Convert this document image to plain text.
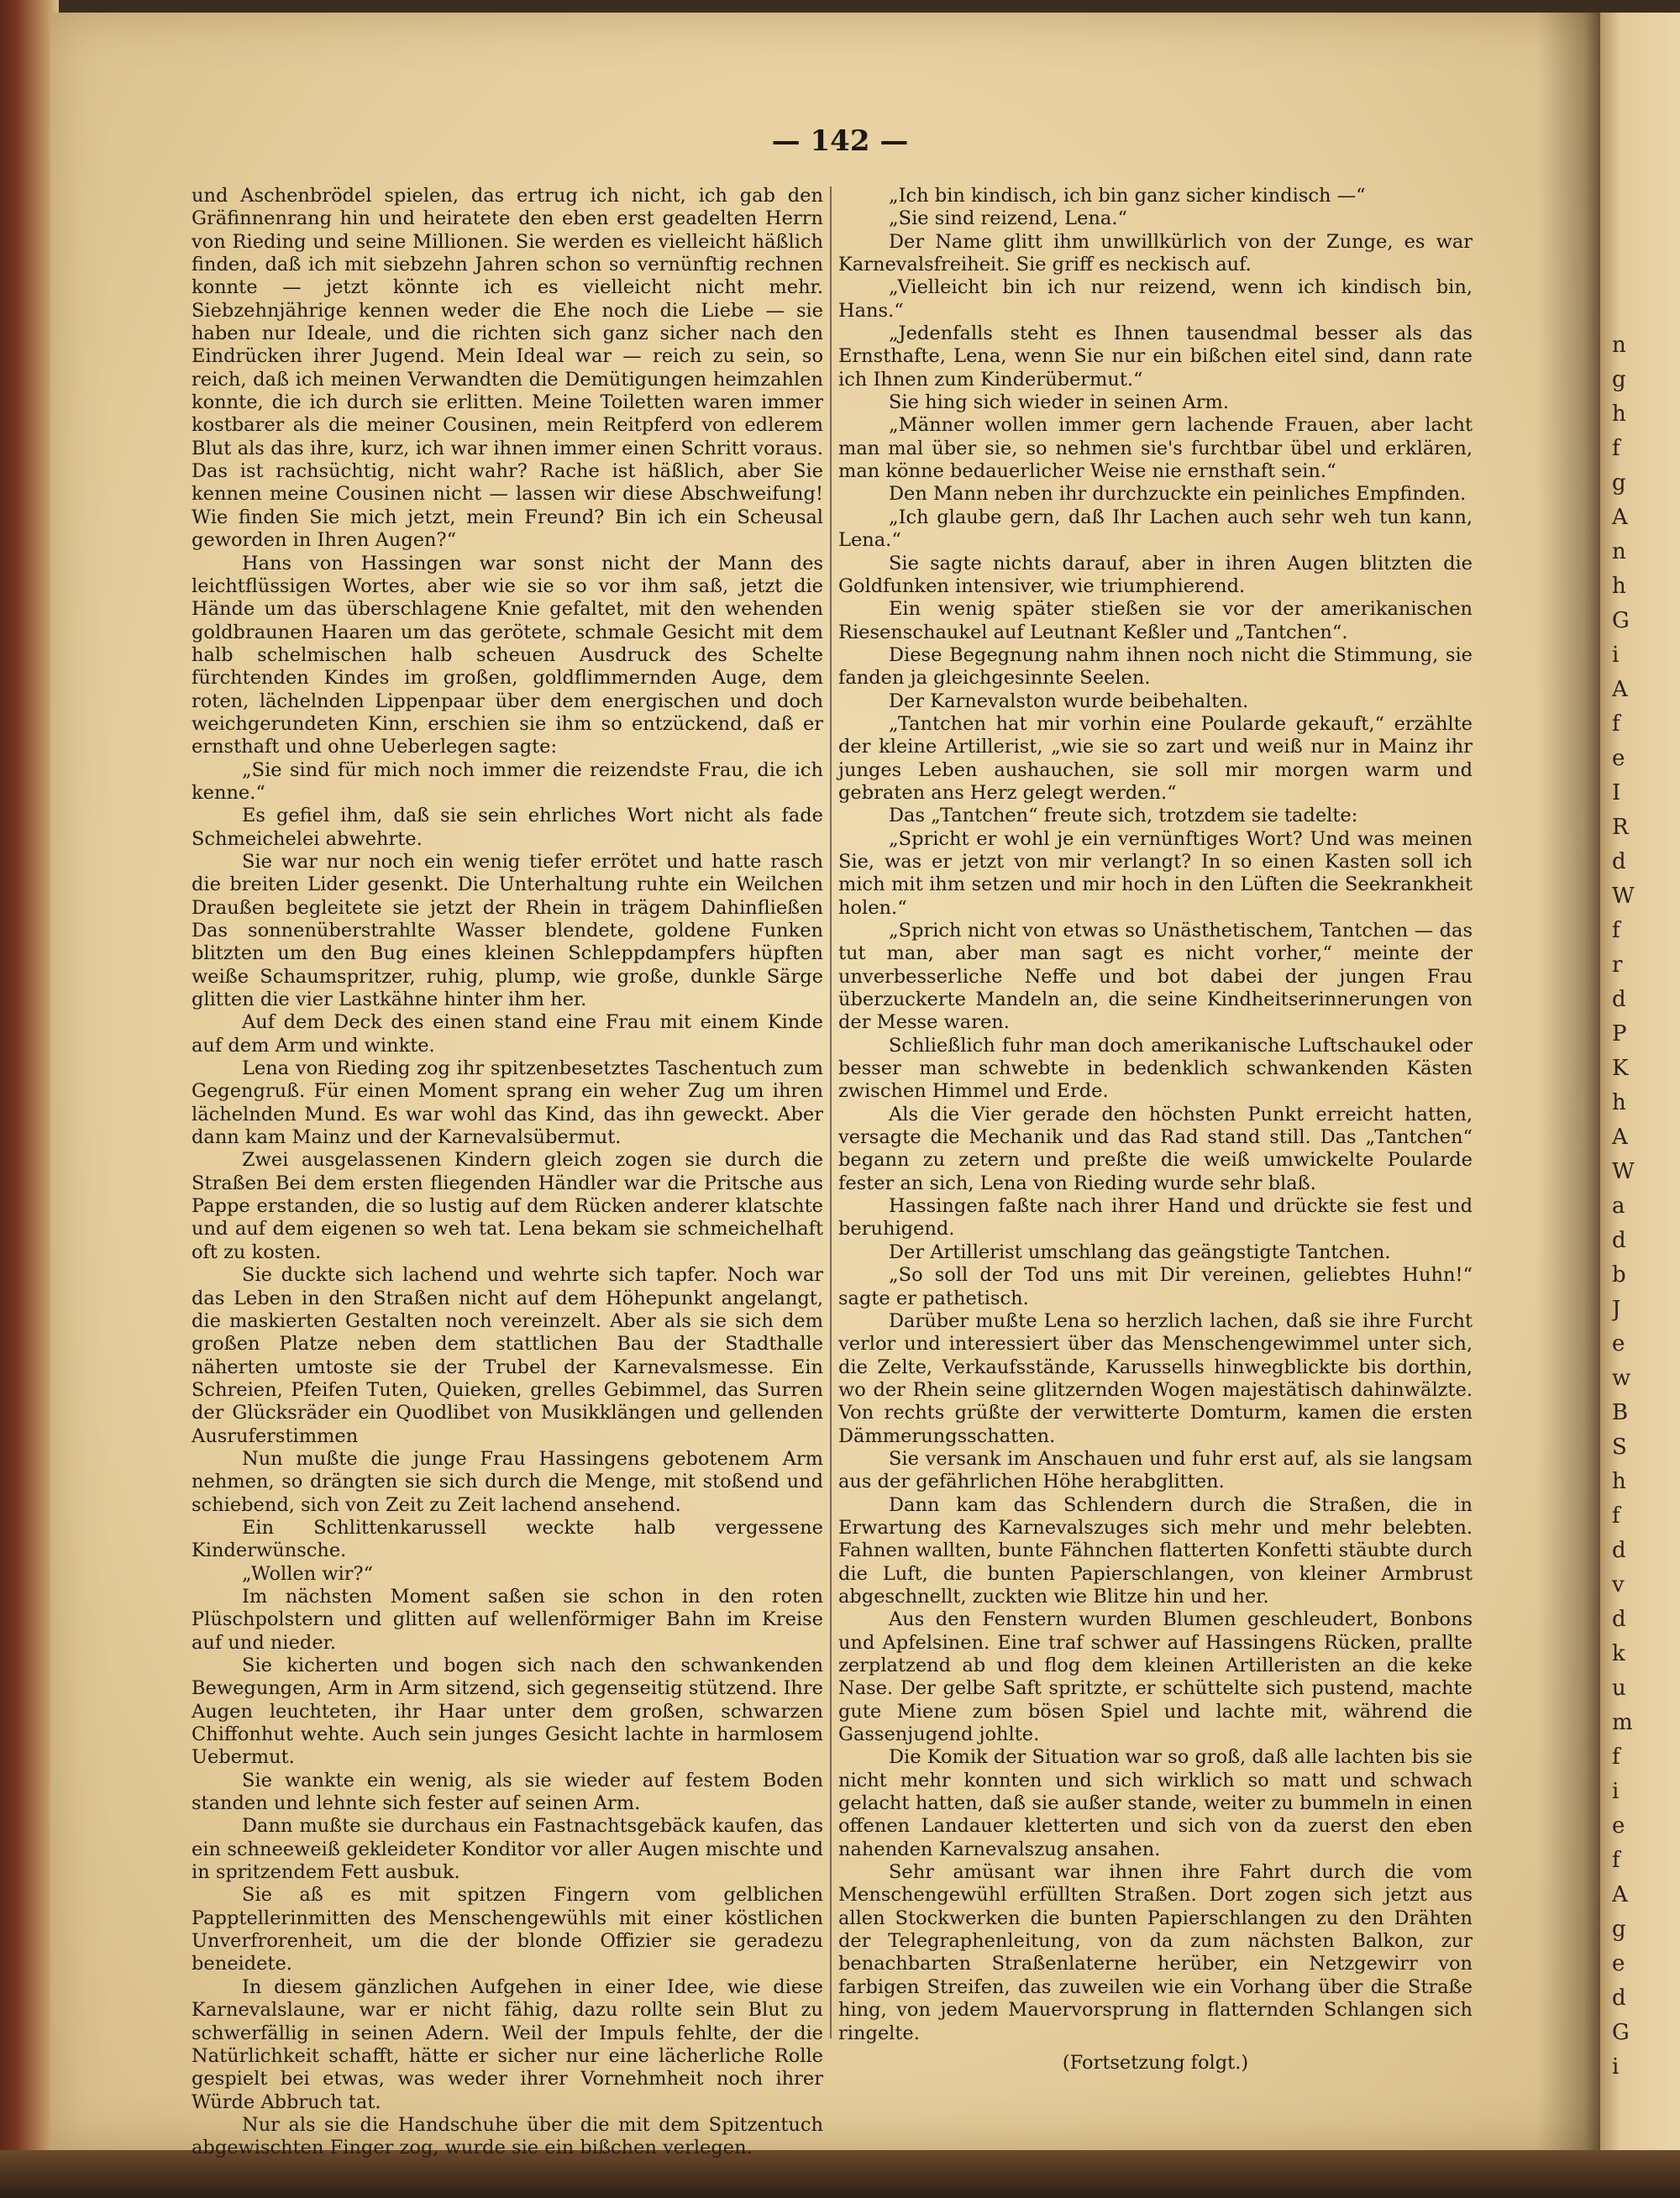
n
g
h
f
g
A
n
h
G
i
A
f
e
I
R
d
W
f
r
d
P
K
h
A
W
a
d
b
J
e
w
B
S
h
f
d
v
d
k
u
m
f
i
e
f
A
g
e
d
G
i
— 142 —

und Aschenbrödel spielen, das ertrug ich nicht, ich gab den Gräfinnenrang hin und heiratete den eben erst geadelten Herrn von Rieding und seine Millionen. Sie werden es vielleicht häßlich finden, daß ich mit siebzehn Jahren schon so vernünftig rechnen konnte — jetzt könnte ich es vielleicht nicht mehr. Siebzehnjährige kennen weder die Ehe noch die Liebe — sie haben nur Ideale, und die richten sich ganz sicher nach den Eindrücken ihrer Jugend. Mein Ideal war — reich zu sein, so reich, daß ich meinen Verwandten die Demütigungen heimzahlen konnte, die ich durch sie erlitten. Meine Toiletten waren immer kostbarer als die meiner Cousinen, mein Reitpferd von edlerem Blut als das ihre, kurz, ich war ihnen immer einen Schritt voraus. Das ist rachsüchtig, nicht wahr? Rache ist häßlich, aber Sie kennen meine Cousinen nicht — lassen wir diese Abschweifung! Wie finden Sie mich jetzt, mein Freund? Bin ich ein Scheusal geworden in Ihren Augen?“

Hans von Hassingen war sonst nicht der Mann des leichtflüssigen Wortes, aber wie sie so vor ihm saß, jetzt die Hände um das überschlagene Knie gefaltet, mit den wehenden goldbraunen Haaren um das gerötete, schmale Gesicht mit dem halb schelmischen halb scheuen Ausdruck des Schelte fürchtenden Kindes im großen, goldflimmernden Auge, dem roten, lächelnden Lippenpaar über dem energischen und doch weichgerundeten Kinn, erschien sie ihm so entzückend, daß er ernsthaft und ohne Ueberlegen sagte:

„Sie sind für mich noch immer die reizendste Frau, die ich kenne.“

Es gefiel ihm, daß sie sein ehrliches Wort nicht als fade Schmeichelei abwehrte.

Sie war nur noch ein wenig tiefer errötet und hatte rasch die breiten Lider gesenkt. Die Unterhaltung ruhte ein Weilchen Draußen begleitete sie jetzt der Rhein in trägem Dahinfließen Das sonnenüberstrahlte Wasser blendete, goldene Funken blitzten um den Bug eines kleinen Schleppdampfers hüpften weiße Schaumspritzer, ruhig, plump, wie große, dunkle Särge glitten die vier Lastkähne hinter ihm her.

Auf dem Deck des einen stand eine Frau mit einem Kinde auf dem Arm und winkte.

Lena von Rieding zog ihr spitzenbesetztes Taschentuch zum Gegengruß. Für einen Moment sprang ein weher Zug um ihren lächelnden Mund. Es war wohl das Kind, das ihn geweckt. Aber dann kam Mainz und der Karnevalsübermut.

Zwei ausgelassenen Kindern gleich zogen sie durch die Straßen Bei dem ersten fliegenden Händler war die Pritsche aus Pappe erstanden, die so lustig auf dem Rücken anderer klatschte und auf dem eigenen so weh tat. Lena bekam sie schmeichelhaft oft zu kosten.

Sie duckte sich lachend und wehrte sich tapfer. Noch war das Leben in den Straßen nicht auf dem Höhepunkt angelangt, die maskierten Gestalten noch vereinzelt. Aber als sie sich dem großen Platze neben dem stattlichen Bau der Stadthalle näherten umtoste sie der Trubel der Karnevalsmesse. Ein Schreien, Pfeifen Tuten, Quieken, grelles Gebimmel, das Surren der Glücksräder ein Quodlibet von Musikklängen und gellenden Ausruferstimmen

Nun mußte die junge Frau Hassingens gebotenem Arm nehmen, so drängten sie sich durch die Menge, mit stoßend und schiebend, sich von Zeit zu Zeit lachend ansehend.

Ein Schlittenkarussell weckte halb vergessene Kinderwünsche.

„Wollen wir?“

Im nächsten Moment saßen sie schon in den roten Plüschpolstern und glitten auf wellenförmiger Bahn im Kreise auf und nieder.

Sie kicherten und bogen sich nach den schwankenden Bewegungen, Arm in Arm sitzend, sich gegenseitig stützend. Ihre Augen leuchteten, ihr Haar unter dem großen, schwarzen Chiffonhut wehte. Auch sein junges Gesicht lachte in harmlosem Uebermut.

Sie wankte ein wenig, als sie wieder auf festem Boden standen und lehnte sich fester auf seinen Arm.

Dann mußte sie durchaus ein Fastnachtsgebäck kaufen, das ein schneeweiß gekleideter Konditor vor aller Augen mischte und in spritzendem Fett ausbuk.

Sie aß es mit spitzen Fingern vom gelblichen Papptellerinmitten des Menschengewühls mit einer köstlichen Unverfrorenheit, um die der blonde Offizier sie geradezu beneidete.

In diesem gänzlichen Aufgehen in einer Idee, wie diese Karnevalslaune, war er nicht fähig, dazu rollte sein Blut zu schwerfällig in seinen Adern. Weil der Impuls fehlte, der die Natürlichkeit schafft, hätte er sicher nur eine lächerliche Rolle gespielt bei etwas, was weder ihrer Vornehmheit noch ihrer Würde Abbruch tat.

Nur als sie die Handschuhe über die mit dem Spitzentuch abgewischten Finger zog, wurde sie ein bißchen verlegen.

„Ich bin kindisch, ich bin ganz sicher kindisch —“

„Sie sind reizend, Lena.“

Der Name glitt ihm unwillkürlich von der Zunge, es war Karnevalsfreiheit. Sie griff es neckisch auf.

„Vielleicht bin ich nur reizend, wenn ich kindisch bin, Hans.“

„Jedenfalls steht es Ihnen tausendmal besser als das Ernsthafte, Lena, wenn Sie nur ein bißchen eitel sind, dann rate ich Ihnen zum Kinderübermut.“

Sie hing sich wieder in seinen Arm.

„Männer wollen immer gern lachende Frauen, aber lacht man mal über sie, so nehmen sie's furchtbar übel und erklären, man könne bedauerlicher Weise nie ernsthaft sein.“

Den Mann neben ihr durchzuckte ein peinliches Empfinden.

„Ich glaube gern, daß Ihr Lachen auch sehr weh tun kann, Lena.“

Sie sagte nichts darauf, aber in ihren Augen blitzten die Goldfunken intensiver, wie triumphierend.

Ein wenig später stießen sie vor der amerikanischen Riesenschaukel auf Leutnant Keßler und „Tantchen“.

Diese Begegnung nahm ihnen noch nicht die Stimmung, sie fanden ja gleichgesinnte Seelen.

Der Karnevalston wurde beibehalten.

„Tantchen hat mir vorhin eine Poularde gekauft,“ erzählte der kleine Artillerist, „wie sie so zart und weiß nur in Mainz ihr junges Leben aushauchen, sie soll mir morgen warm und gebraten ans Herz gelegt werden.“

Das „Tantchen“ freute sich, trotzdem sie tadelte:

„Spricht er wohl je ein vernünftiges Wort? Und was meinen Sie, was er jetzt von mir verlangt? In so einen Kasten soll ich mich mit ihm setzen und mir hoch in den Lüften die Seekrankheit holen.“

„Sprich nicht von etwas so Unästhetischem, Tantchen — das tut man, aber man sagt es nicht vorher,“ meinte der unverbesserliche Neffe und bot dabei der jungen Frau überzuckerte Mandeln an, die seine Kindheitserinnerungen von der Messe waren.

Schließlich fuhr man doch amerikanische Luftschaukel oder besser man schwebte in bedenklich schwankenden Kästen zwischen Himmel und Erde.

Als die Vier gerade den höchsten Punkt erreicht hatten, versagte die Mechanik und das Rad stand still. Das „Tantchen“ begann zu zetern und preßte die weiß umwickelte Poularde fester an sich, Lena von Rieding wurde sehr blaß.

Hassingen faßte nach ihrer Hand und drückte sie fest und beruhigend.

Der Artillerist umschlang das geängstigte Tantchen.

„So soll der Tod uns mit Dir vereinen, geliebtes Huhn!“ sagte er pathetisch.

Darüber mußte Lena so herzlich lachen, daß sie ihre Furcht verlor und interessiert über das Menschengewimmel unter sich, die Zelte, Verkaufsstände, Karussells hinwegblickte bis dorthin, wo der Rhein seine glitzernden Wogen majestätisch dahinwälzte. Von rechts grüßte der verwitterte Domturm, kamen die ersten Dämmerungsschatten.

Sie versank im Anschauen und fuhr erst auf, als sie langsam aus der gefährlichen Höhe herabglitten.

Dann kam das Schlendern durch die Straßen, die in Erwartung des Karnevalszuges sich mehr und mehr belebten. Fahnen wallten, bunte Fähnchen flatterten Konfetti stäubte durch die Luft, die bunten Papierschlangen, von kleiner Armbrust abgeschnellt, zuckten wie Blitze hin und her.

Aus den Fenstern wurden Blumen geschleudert, Bonbons und Apfelsinen. Eine traf schwer auf Hassingens Rücken, prallte zerplatzend ab und flog dem kleinen Artilleristen an die keke Nase. Der gelbe Saft spritzte, er schüttelte sich pustend, machte gute Miene zum bösen Spiel und lachte mit, während die Gassenjugend johlte.

Die Komik der Situation war so groß, daß alle lachten bis sie nicht mehr konnten und sich wirklich so matt und schwach gelacht hatten, daß sie außer stande, weiter zu bummeln in einen offenen Landauer kletterten und sich von da zuerst den eben nahenden Karnevalszug ansahen.

Sehr amüsant war ihnen ihre Fahrt durch die vom Menschengewühl erfüllten Straßen. Dort zogen sich jetzt aus allen Stockwerken die bunten Papierschlangen zu den Drähten der Telegraphenleitung, von da zum nächsten Balkon, zur benachbarten Straßenlaterne herüber, ein Netzgewirr von farbigen Streifen, das zuweilen wie ein Vorhang über die Straße hing, von jedem Mauervorsprung in flatternden Schlangen sich ringelte.

(Fortsetzung folgt.)
